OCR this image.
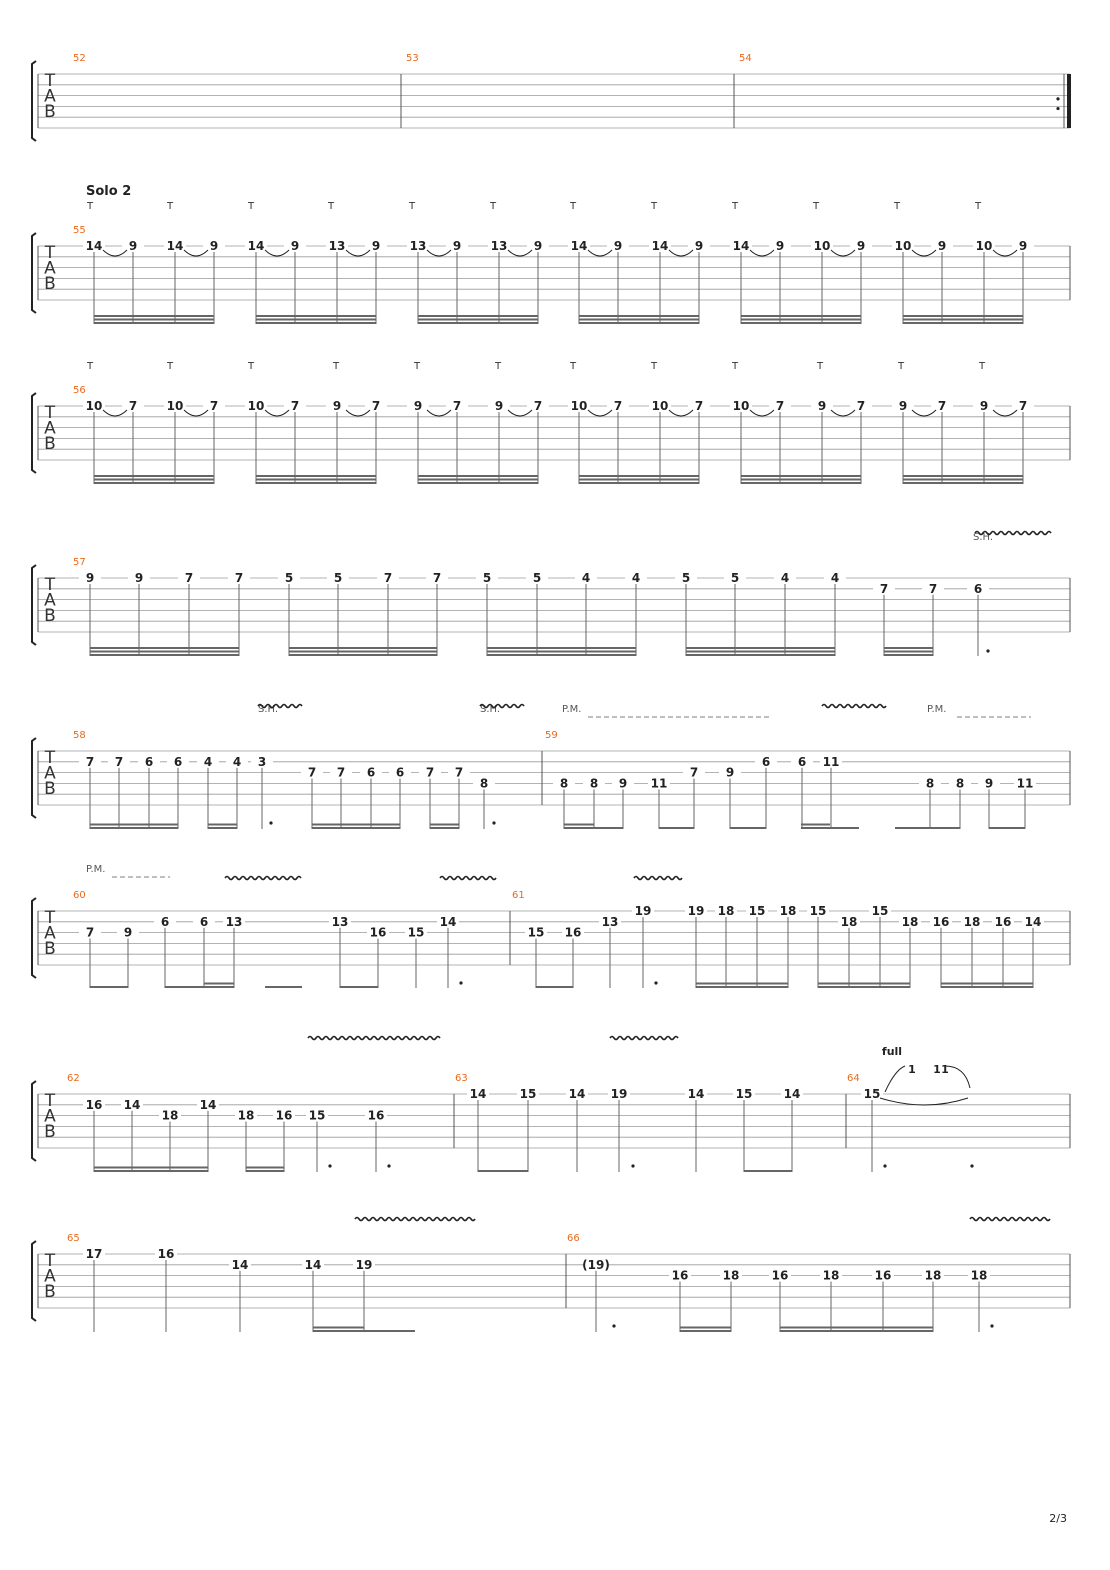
T
A
B
52	53	54
T
A
B
55
Solo 2
T	T	T	T	T	T	T	T	T	T	T	T
14 9 14 9 14 9 13 9 13 9 13 9 14 9 14 9 14 9 10 9 10 9 10 9
T
A
B
56
T	T	T	T	T	T	T	T	T	T	T	T
10 7 10 7 10 7	9	7	9	7	9	7 10 7 10 7 10 7	9	7	9	7	9	7
T
A
B
57
S.H.
9	9	7	7	5	5	7	7	5	5	4	4	5	5	4	4
7	7	6
T
A
B
58	59
S.H.	S.H.	P.M.	P.M.
7 7 6 6 4 4 3
7 7 6 6 7 7
8	8 8 9 11
7 9
6 6 11
8 8 9 11
T
A
B
60	61
P.M.
7 9
6	6 13	13
16 15
14
15 16
13
19	19 18 15 18 15
18
15
18 16 18 16 14
T
A
B
62	63	64
16 14
18
14
18 16 15	16
14	15	14 19	14	15	14	15
full
1 1 1
T
A
B
65	66
17	16
14	14	19	(19)
16	18	16	18	16	18 18
2/3
